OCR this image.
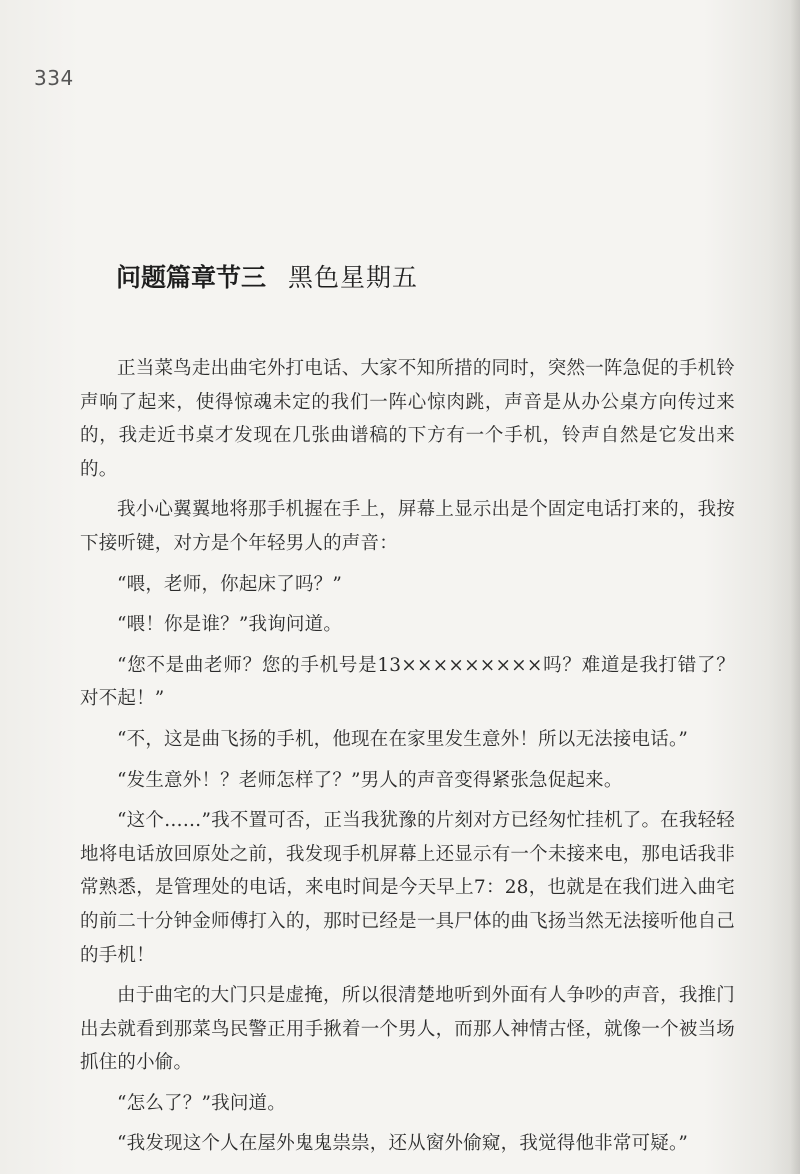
334
问题篇章节三 黑色星期五

正当菜鸟走出曲宅外打电话、大家不知所措的同时，突然一阵急促的手机铃声响了起来，使得惊魂未定的我们一阵心惊肉跳，声音是从办公桌方向传过来的，我走近书桌才发现在几张曲谱稿的下方有一个手机，铃声自然是它发出来的。

我小心翼翼地将那手机握在手上，屏幕上显示出是个固定电话打来的，我按下接听键，对方是个年轻男人的声音：

“喂，老师，你起床了吗？”

“喂！你是谁？”我询问道。

“您不是曲老师？您的手机号是13×××××××××吗？难道是我打错了？对不起！”

“不，这是曲飞扬的手机，他现在在家里发生意外！所以无法接电话。”

“发生意外！？老师怎样了？”男人的声音变得紧张急促起来。

“这个……”我不置可否，正当我犹豫的片刻对方已经匆忙挂机了。在我轻轻地将电话放回原处之前，我发现手机屏幕上还显示有一个未接来电，那电话我非常熟悉，是管理处的电话，来电时间是今天早上7：28，也就是在我们进入曲宅的前二十分钟金师傅打入的，那时已经是一具尸体的曲飞扬当然无法接听他自己的手机！

由于曲宅的大门只是虚掩，所以很清楚地听到外面有人争吵的声音，我推门出去就看到那菜鸟民警正用手揪着一个男人，而那人神情古怪，就像一个被当场抓住的小偷。

“怎么了？”我问道。

“我发现这个人在屋外鬼鬼祟祟，还从窗外偷窥，我觉得他非常可疑。”
